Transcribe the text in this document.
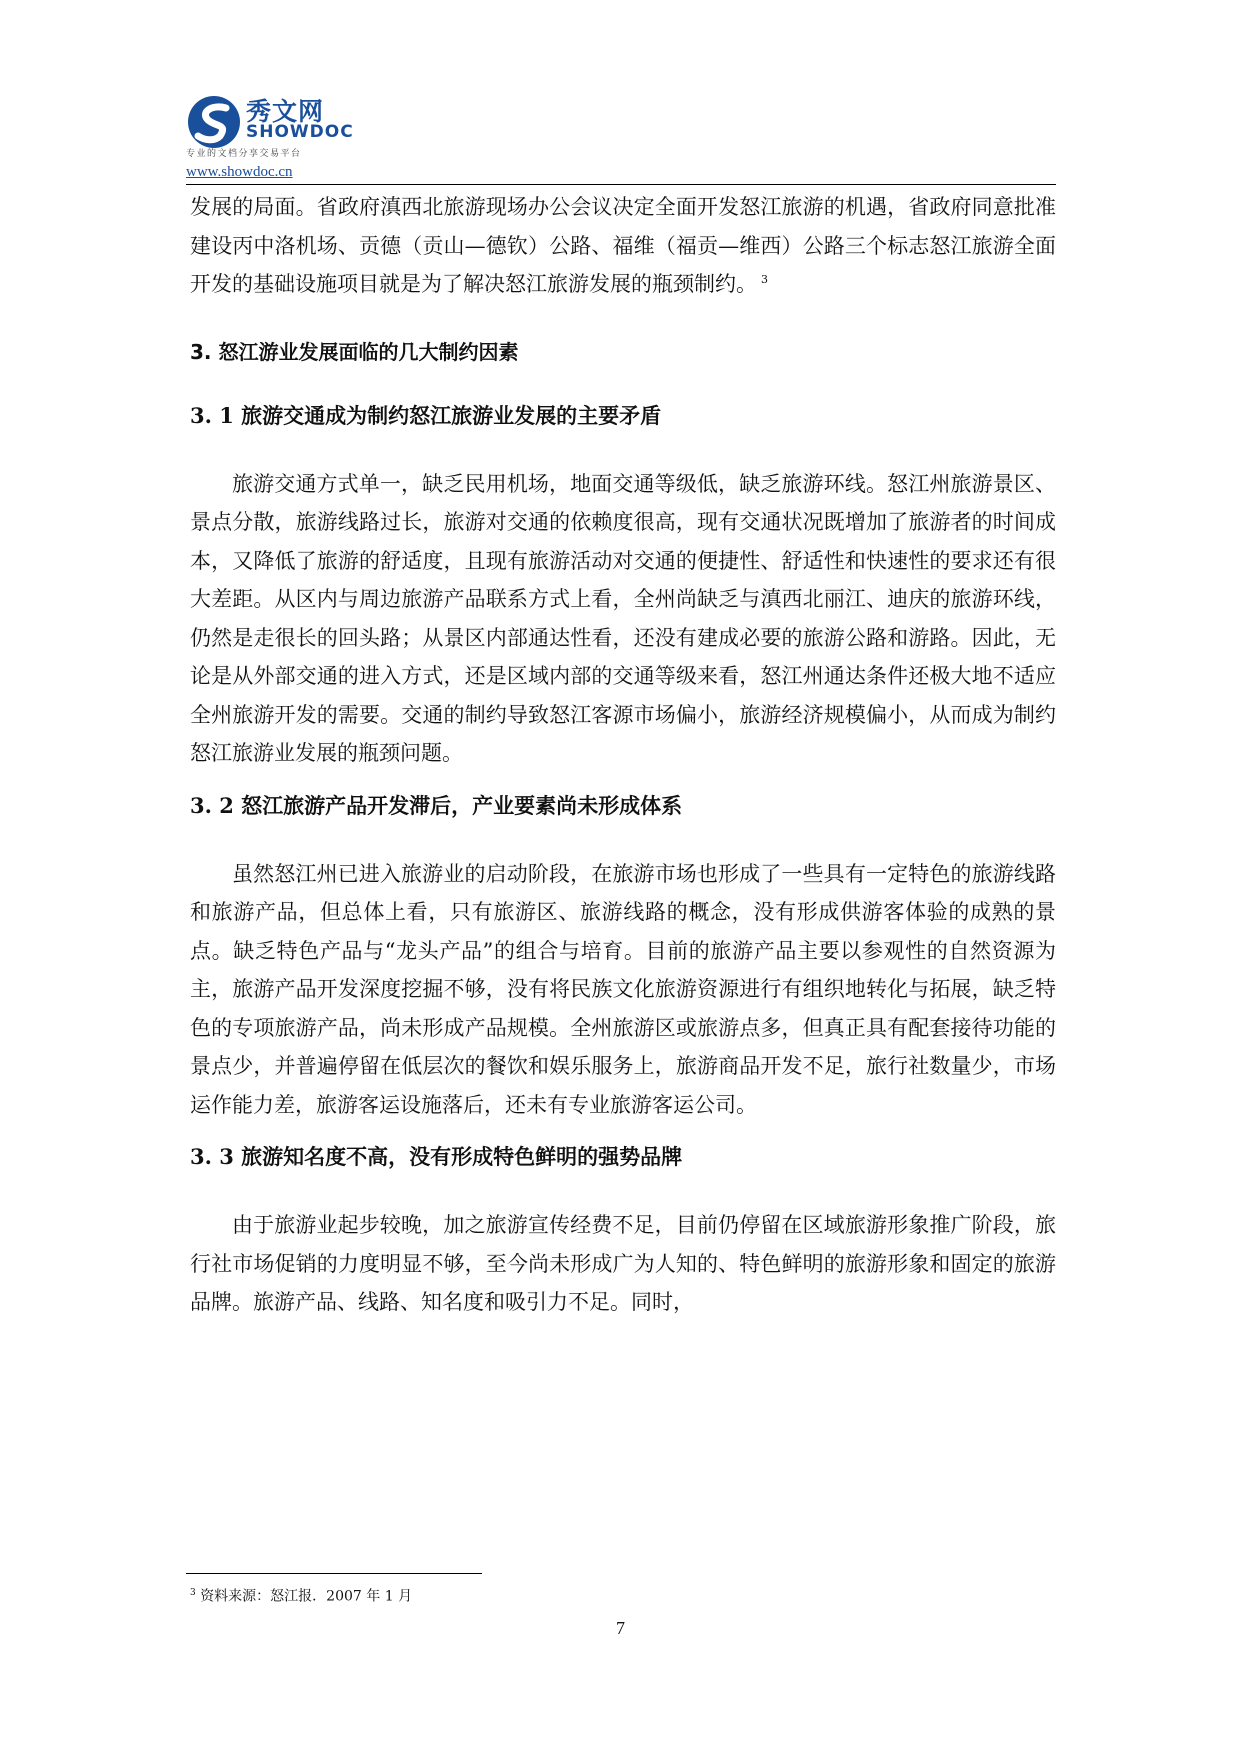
秀文网
SHOWDOC
专业的文档分享交易平台
www.showdoc.cn

发展的局面。省政府滇西北旅游现场办公会议决定全面开发怒江旅游的机遇，省政府同意批准建设丙中洛机场、贡德（贡山—德钦）公路、福维（福贡—维西）公路三个标志怒江旅游全面开发的基础设施项目就是为了解决怒江旅游发展的瓶颈制约。 $^3$

3. 怒江游业发展面临的几大制约因素
3. 1 旅游交通成为制约怒江旅游业发展的主要矛盾

旅游交通方式单一，缺乏民用机场，地面交通等级低，缺乏旅游环线。怒江州旅游景区、景点分散，旅游线路过长，旅游对交通的依赖度很高，现有交通状况既增加了旅游者的时间成本，又降低了旅游的舒适度，且现有旅游活动对交通的便捷性、舒适性和快速性的要求还有很大差距。从区内与周边旅游产品联系方式上看，全州尚缺乏与滇西北丽江、迪庆的旅游环线，仍然是走很长的回头路；从景区内部通达性看，还没有建成必要的旅游公路和游路。因此，无论是从外部交通的进入方式，还是区域内部的交通等级来看，怒江州通达条件还极大地不适应全州旅游开发的需要。交通的制约导致怒江客源市场偏小，旅游经济规模偏小，从而成为制约怒江旅游业发展的瓶颈问题。

3. 2 怒江旅游产品开发滞后，产业要素尚未形成体系

虽然怒江州已进入旅游业的启动阶段，在旅游市场也形成了一些具有一定特色的旅游线路和旅游产品，但总体上看，只有旅游区、旅游线路的概念，没有形成供游客体验的成熟的景点。缺乏特色产品与“龙头产品”的组合与培育。目前的旅游产品主要以参观性的自然资源为主，旅游产品开发深度挖掘不够，没有将民族文化旅游资源进行有组织地转化与拓展，缺乏特色的专项旅游产品，尚未形成产品规模。全州旅游区或旅游点多，但真正具有配套接待功能的景点少，并普遍停留在低层次的餐饮和娱乐服务上，旅游商品开发不足，旅行社数量少，市场运作能力差，旅游客运设施落后，还未有专业旅游客运公司。

3. 3 旅游知名度不高，没有形成特色鲜明的强势品牌

由于旅游业起步较晚，加之旅游宣传经费不足，目前仍停留在区域旅游形象推广阶段，旅行社市场促销的力度明显不够，至今尚未形成广为人知的、特色鲜明的旅游形象和固定的旅游品牌。旅游产品、线路、知名度和吸引力不足。同时，

$^3$ 资料来源：怒江报．2007 年 1 月
7
